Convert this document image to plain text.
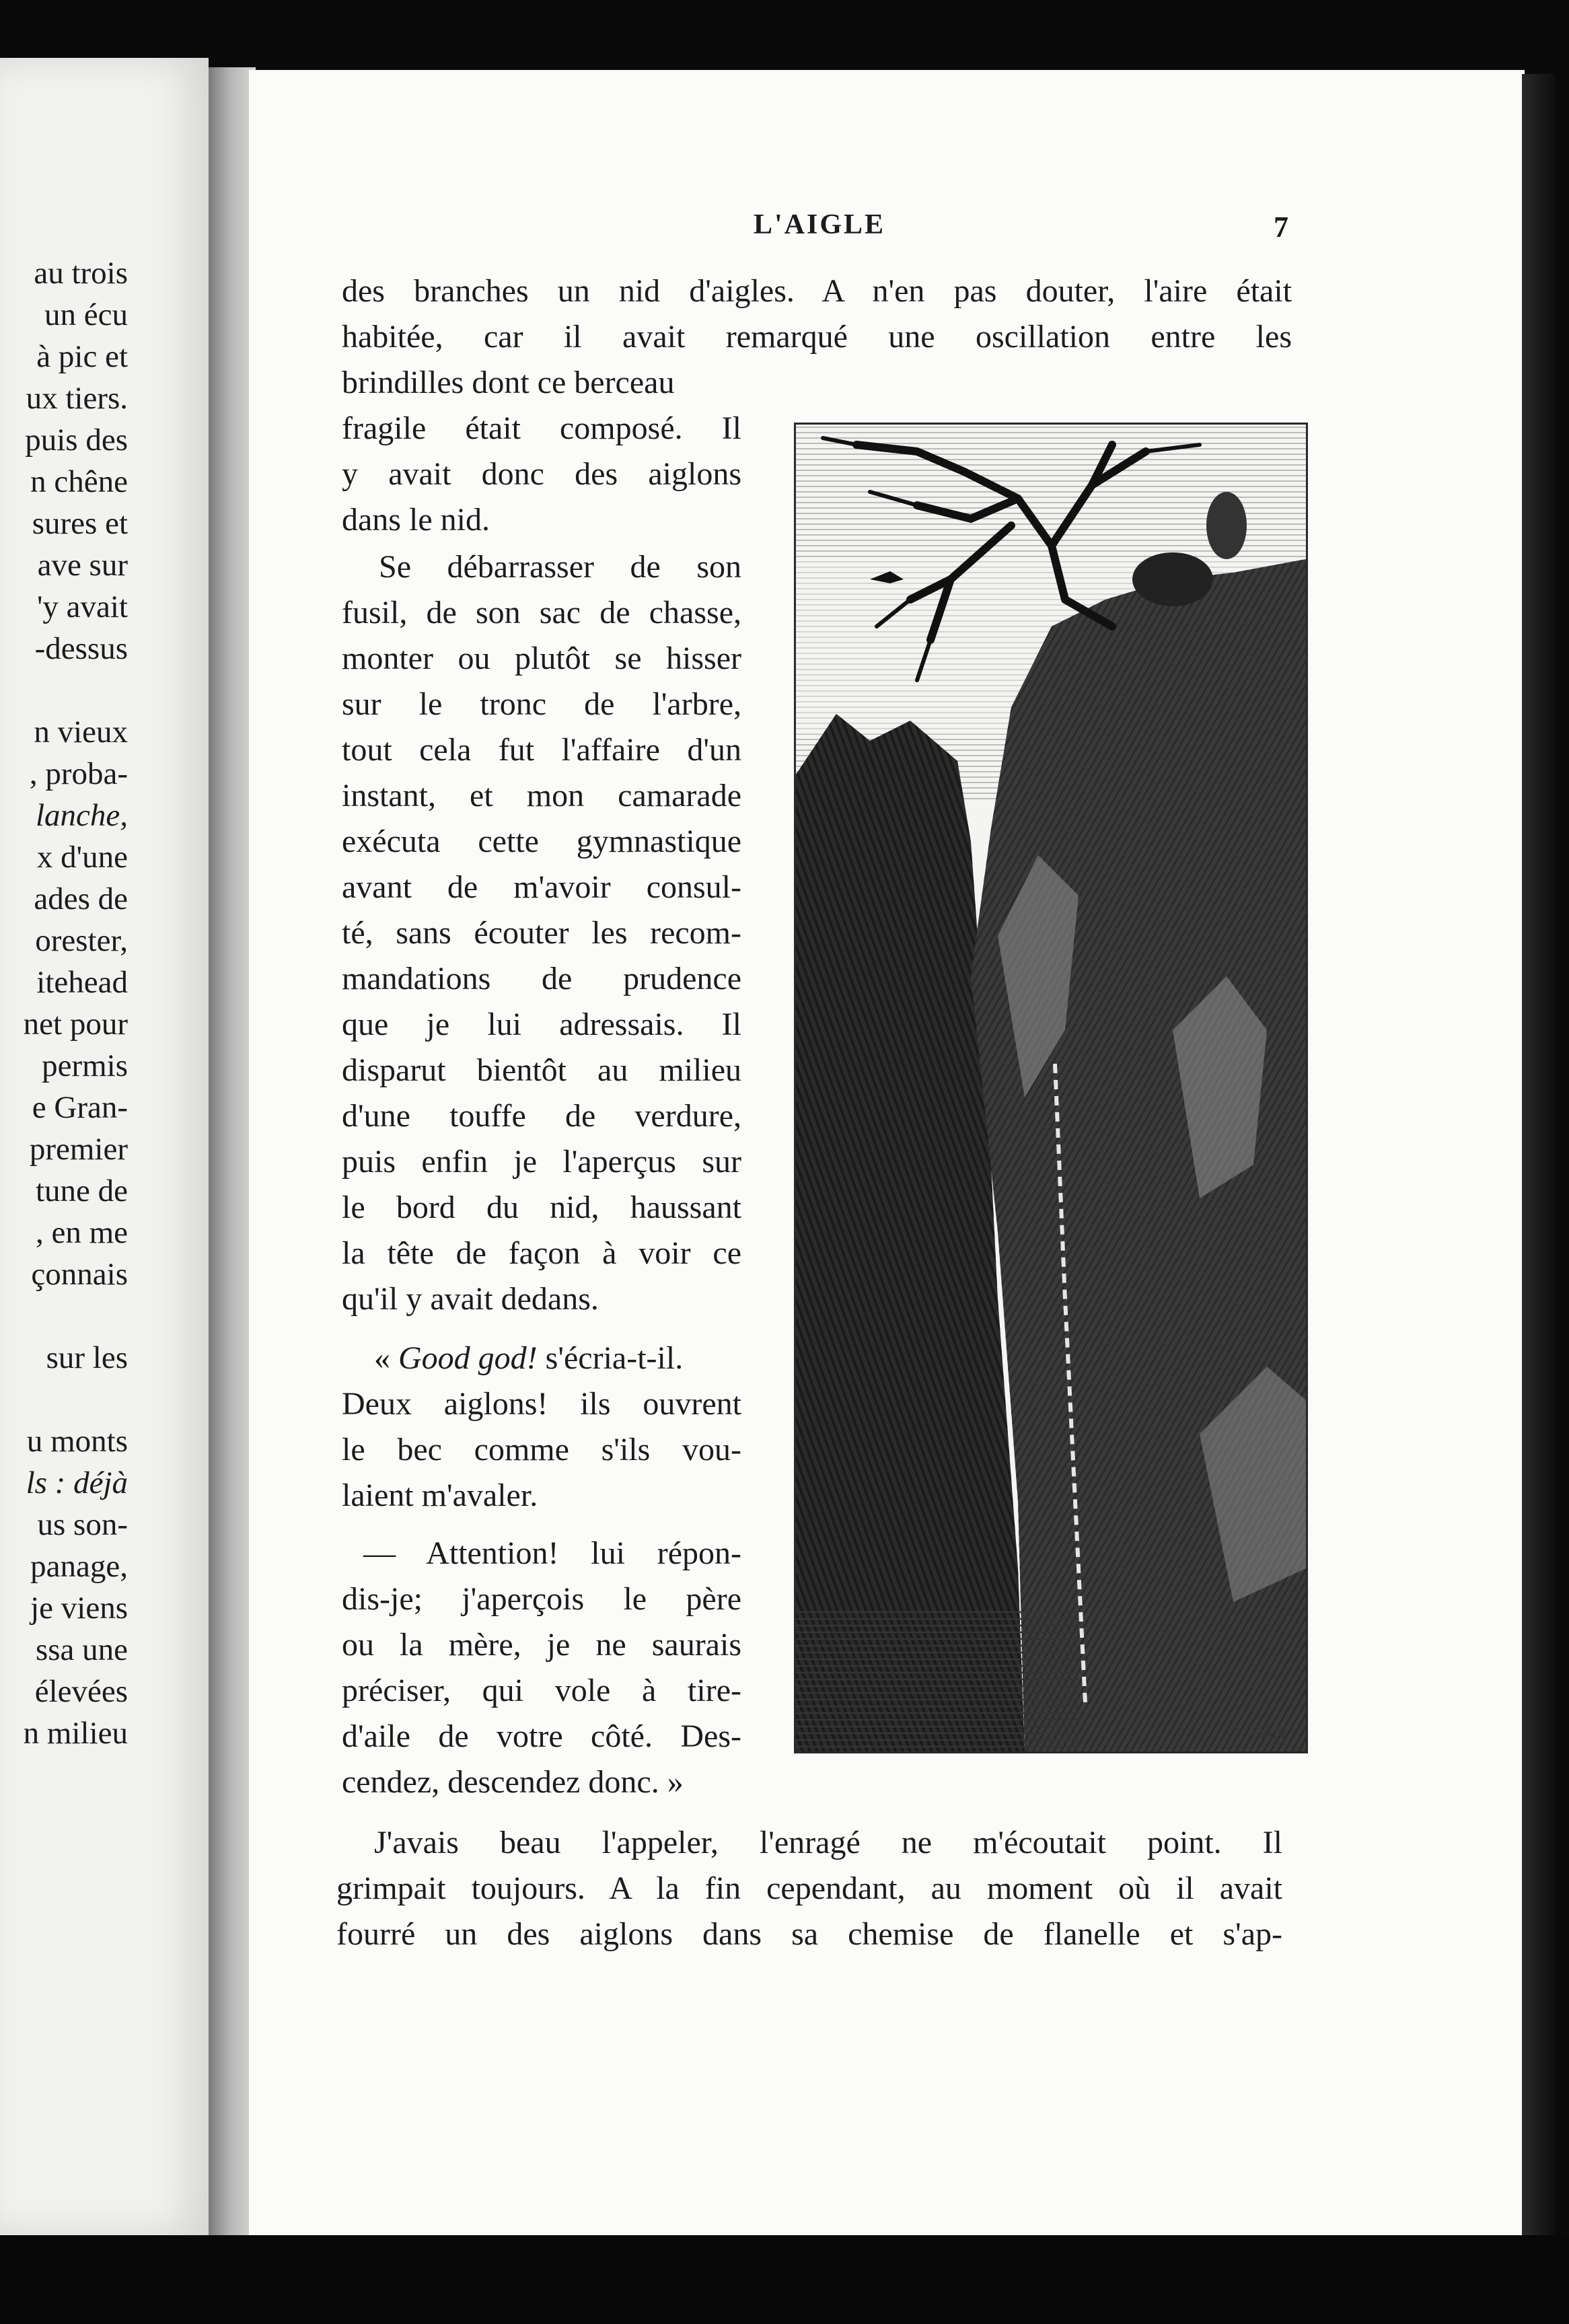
au trois
un écu
à pic et
ux tiers.
puis des
n chêne
sures et
ave sur
'y avait
-dessus
n vieux
, proba-
lanche,
x d'une
ades de
orester,
itehead
net pour
permis
e Gran-
premier
tune de
, en me
çonnais
sur les
u monts
ls : déjà
us son-
panage,
je viens
ssa une
élevées
n milieu
L'AIGLE	7
des branches un nid d'aigles. A n'en pas douter, l'aire était
habitée, car il avait remarqué une oscillation entre les
brindilles dont ce berceau
fragile était composé. Il
y avait donc des aiglons
dans le nid.
Se débarrasser de son
fusil, de son sac de chasse,
monter ou plutôt se hisser
sur le tronc de l'arbre,
tout cela fut l'affaire d'un
instant, et mon camarade
exécuta cette gymnastique
avant de m'avoir consul-
té, sans écouter les recom-
mandations de prudence
que je lui adressais. Il
disparut bientôt au milieu
d'une touffe de verdure,
puis enfin je l'aperçus sur
le bord du nid, haussant
la tête de façon à voir ce
qu'il y avait dedans.
« Good god! s'écria-t-il.
Deux aiglons! ils ouvrent
le bec comme s'ils vou-
laient m'avaler.
— Attention! lui répon-
dis-je; j'aperçois le père
ou la mère, je ne saurais
préciser, qui vole à tire-
d'aile de votre côté. Des-
cendez, descendez donc. »
J'avais beau l'appeler, l'enragé ne m'écoutait point. Il
grimpait toujours. A la fin cependant, au moment où il avait
fourré un des aiglons dans sa chemise de flanelle et s'ap-
PAN
